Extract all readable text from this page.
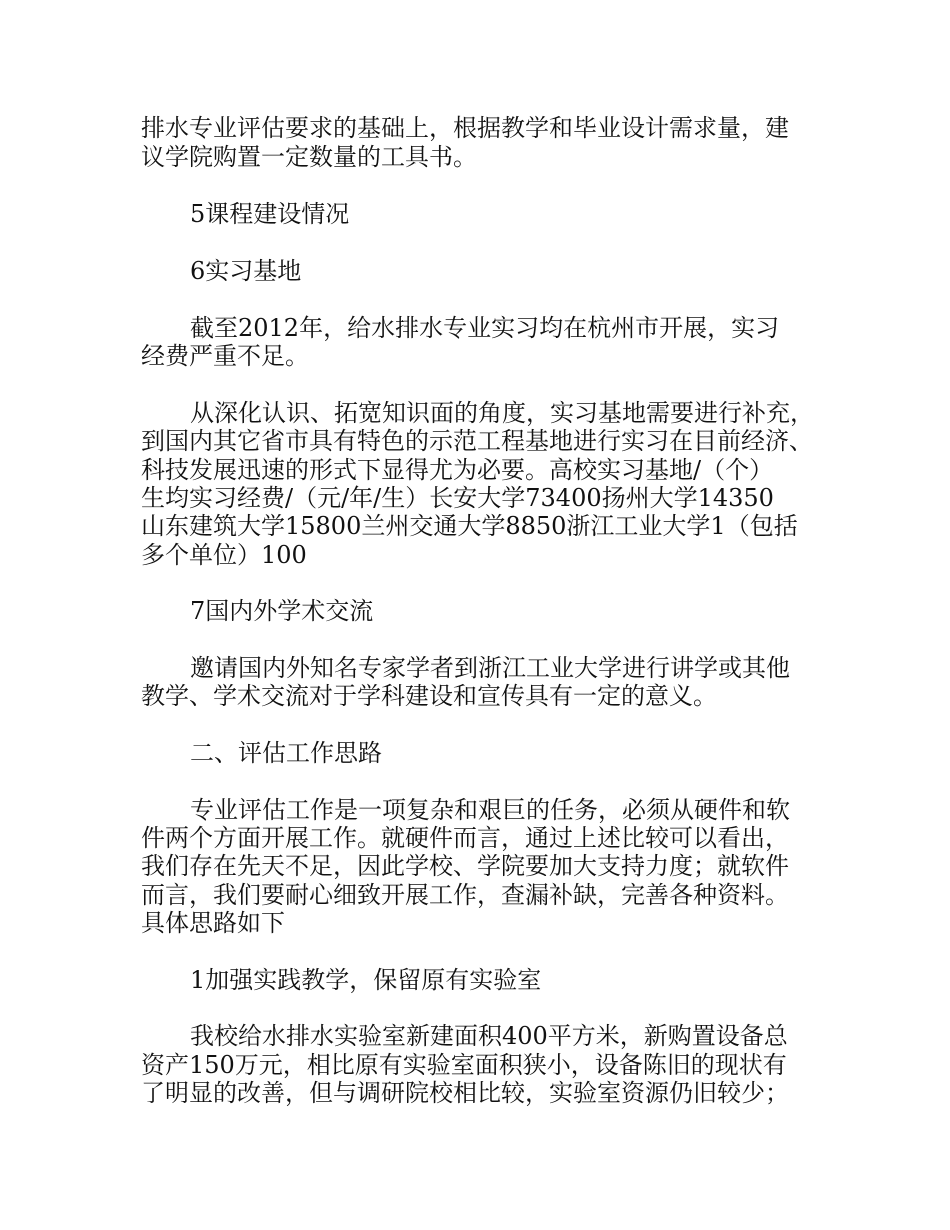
排水专业评估要求的基础上，根据教学和毕业设计需求量，建

议学院购置一定数量的工具书。

5课程建设情况

6实习基地

截至2012年，给水排水专业实习均在杭州市开展，实习

经费严重不足。

从深化认识、拓宽知识面的角度，实习基地需要进行补充，

到国内其它省市具有特色的示范工程基地进行实习在目前经济、

科技发展迅速的形式下显得尤为必要。高校实习基地/（个）

生均实习经费/（元/年/生）长安大学73400扬州大学14350

山东建筑大学15800兰州交通大学8850浙江工业大学1（包括

多个单位）100

7国内外学术交流

邀请国内外知名专家学者到浙江工业大学进行讲学或其他

教学、学术交流对于学科建设和宣传具有一定的意义。

二、评估工作思路

专业评估工作是一项复杂和艰巨的任务，必须从硬件和软

件两个方面开展工作。就硬件而言，通过上述比较可以看出，

我们存在先天不足，因此学校、学院要加大支持力度；就软件

而言，我们要耐心细致开展工作，查漏补缺，完善各种资料。

具体思路如下

1加强实践教学，保留原有实验室

我校给水排水实验室新建面积400平方米，新购置设备总

资产150万元，相比原有实验室面积狭小，设备陈旧的现状有

了明显的改善，但与调研院校相比较，实验室资源仍旧较少；
